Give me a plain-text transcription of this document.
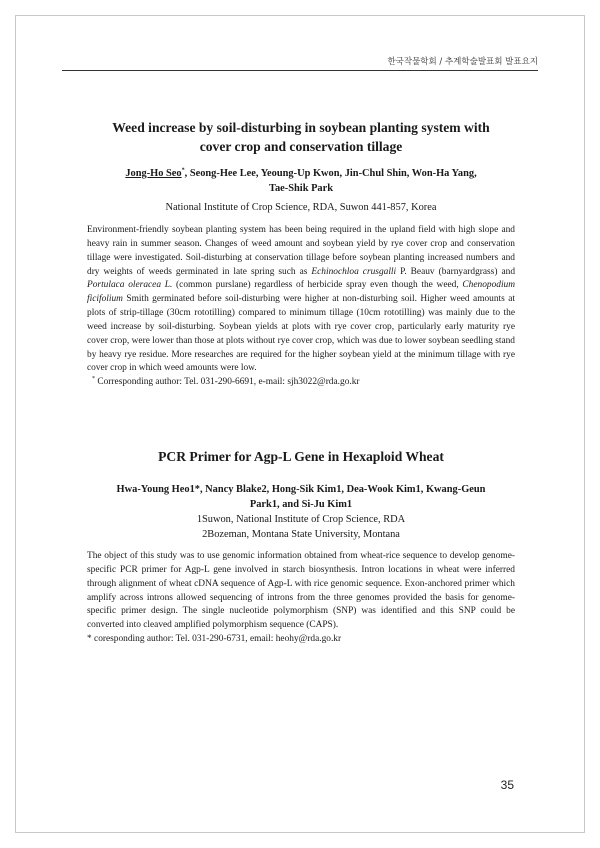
한국작물학회 / 추계학술발표회 발표요지

Weed increase by soil-disturbing in soybean planting system with

cover crop and conservation tillage

Jong-Ho Seo*, Seong-Hee Lee, Yeoung-Up Kwon, Jin-Chul Shin, Won-Ha Yang,

Tae-Shik Park

National Institute of Crop Science, RDA, Suwon 441-857, Korea

Environment-friendly soybean planting system has been being required in the upland field with high slope and heavy rain in summer season. Changes of weed amount and soybean yield by rye cover crop and conservation tillage were investigated. Soil-disturbing at conservation tillage before soybean planting increased numbers and dry weights of weeds germinated in late spring such as Echinochloa crusgalli P. Beauv (barnyardgrass) and Portulaca oleracea L. (common purslane) regardless of herbicide spray even though the weed, Chenopodium ficifolium Smith germinated before soil-disturbing were higher at non-disturbing soil. Higher weed amounts at plots of strip-tillage (30cm rototilling) compared to minimum tillage (10cm rototilling) was mainly due to the weed increase by soil-disturbing. Soybean yields at plots with rye cover crop, particularly early maturity rye cover crop, were lower than those at plots without rye cover crop, which was due to lower soybean seedling stand by heavy rye residue. More researches are required for the higher soybean yield at the minimum tillage with rye cover crop in which weed amounts were low.

* Corresponding author: Tel. 031-290-6691, e-mail: sjh3022@rda.go.kr

PCR Primer for Agp-L Gene in Hexaploid Wheat

Hwa-Young Heo1*, Nancy Blake2, Hong-Sik Kim1, Dea-Wook Kim1, Kwang-Geun

Park1, and Si-Ju Kim1

1Suwon, National Institute of Crop Science, RDA

2Bozeman, Montana State University, Montana

The object of this study was to use genomic information obtained from wheat-rice sequence to develop genome-specific PCR primer for Agp-L gene involved in starch biosynthesis. Intron locations in wheat were inferred through alignment of wheat cDNA sequence of Agp-L with rice genomic sequence. Exon-anchored primer which amplify across introns allowed sequencing of introns from the three genomes provided the basis for genome-specific primer design. The single nucleotide polymorphism (SNP) was identified and this SNP could be converted into cleaved amplified polymorphism sequence (CAPS).

* coresponding author: Tel. 031-290-6731, email: heohy@rda.go.kr

35
